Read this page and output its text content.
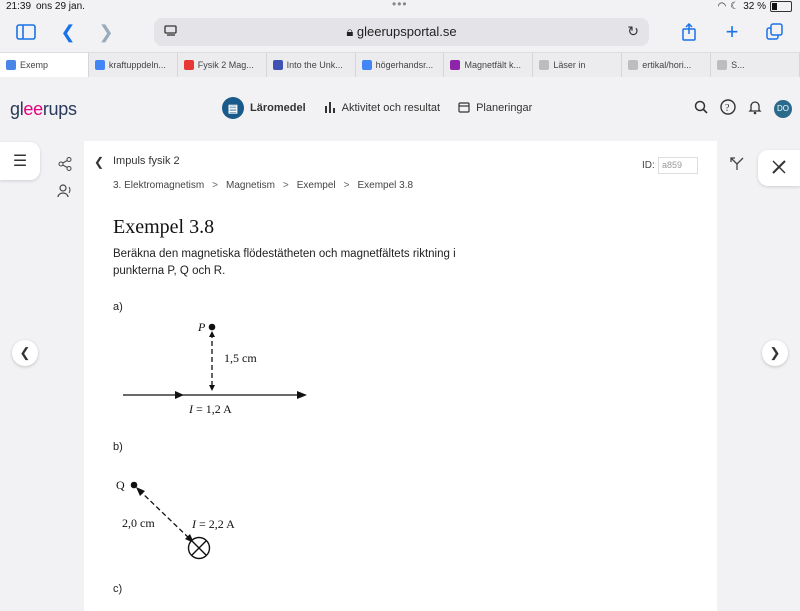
21:39 ons 29 jan.	•••	◠ ☾ 32 %
❮ ❯	🔒︎ gleerupsportal.se	↻	+
Exemp	kraftuppdeln...	Fysik 2 Mag...	Into the Unk...	högerhandsr...	Magnetfält k...	Läser in	ertikal/hori...	S...
gleerups	▤	Läromedel	Aktivitet och resultat	Planeringar	?	DO
☰
❮	❯
❮ Impuls fysik 2
3. Elektromagnetism > Magnetism > Exempel > Exempel 3.8
ID: a859
Exempel 3.8
Beräkna den magnetiska flödestätheten och magnetfältets riktning i punkterna P, Q och R.
a)
P
1,5 cm
I = 1,2 A
b)
Q
2,0 cm	I = 2,2 A
c)
